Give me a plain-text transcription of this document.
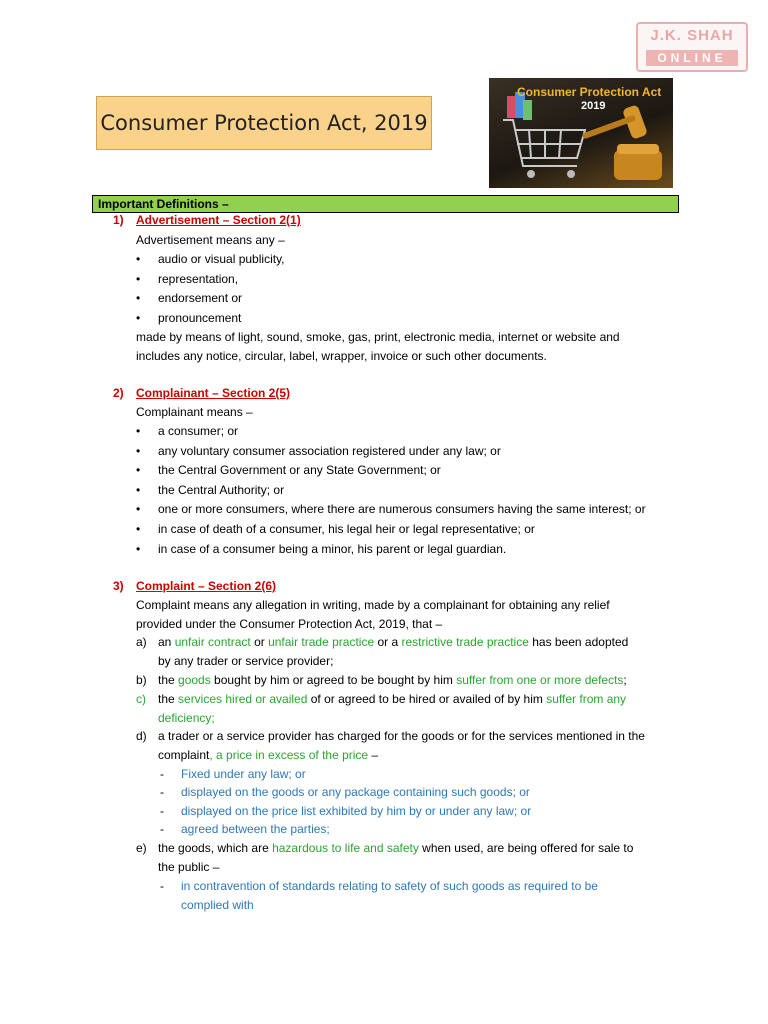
J.K. SHAH
ONLINE
Consumer Protection Act, 2019
Consumer Protection Act
2019
Important Definitions –
1) Advertisement – Section 2(1)
Advertisement means any –
• audio or visual publicity,
• representation,
• endorsement or
• pronouncement
made by means of light, sound, smoke, gas, print, electronic media, internet or website and
includes any notice, circular, label, wrapper, invoice or such other documents.
2) Complainant – Section 2(5)
Complainant means –
• a consumer; or
• any voluntary consumer association registered under any law; or
• the Central Government or any State Government; or
• the Central Authority; or
• one or more consumers, where there are numerous consumers having the same interest; or
• in case of death of a consumer, his legal heir or legal representative; or
• in case of a consumer being a minor, his parent or legal guardian.
3) Complaint – Section 2(6)
Complaint means any allegation in writing, made by a complainant for obtaining any relief
provided under the Consumer Protection Act, 2019, that –
a) an unfair contract or unfair trade practice or a restrictive trade practice has been adopted
by any trader or service provider;
b) the goods bought by him or agreed to be bought by him suffer from one or more defects;
c) the services hired or availed of or agreed to be hired or availed of by him suffer from any
deficiency;
d) a trader or a service provider has charged for the goods or for the services mentioned in the
complaint, a price in excess of the price –
- Fixed under any law; or
- displayed on the goods or any package containing such goods; or
- displayed on the price list exhibited by him by or under any law; or
- agreed between the parties;
e) the goods, which are hazardous to life and safety when used, are being offered for sale to
the public –
- in contravention of standards relating to safety of such goods as required to be
complied with
